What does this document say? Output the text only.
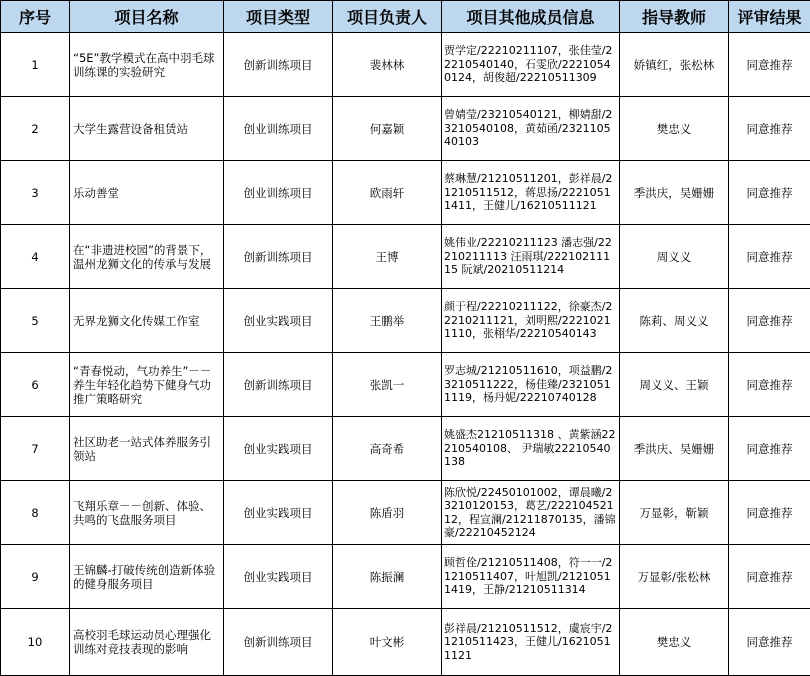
序号	项目名称	项目类型	项目负责人	项目其他成员信息	指导教师	评审结果
1	“5E”教学模式在高中羽毛球训练课的实验研究	创新训练项目	裴林林	贾学定/22210211107，张佳莹/22210540140，石雯欣/22210540124，胡俊超/22210511309	娇镇红，张松林	同意推荐
2	大学生露营设备租赁站	创业训练项目	何嘉颖	曾婧莹/23210540121，柳婧甜/23210540108，黄茹函/232110540103	樊忠义	同意推荐
3	乐动善堂	创业训练项目	欧雨轩	蔡琳慧/21210511201，彭祥晨/21210511512，蒋思扬/22210511411，王健儿/16210511121	季洪庆，吴姗姗	同意推荐
4	在“非遗进校园”的背景下，温州龙狮文化的传承与发展	创新训练项目	王博	姚伟业/22210211123 潘志强/22210211113 汪雨琪/22210211115 阮斌/20210511214	周义义	同意推荐
5	无界龙狮文化传媒工作室	创业实践项目	王鹏举	颜于程/22210211122，徐豪杰/22210211121，刘明熙/22210211110，张栩华/22210540143	陈莉、周义义	同意推荐
6	“青春悦动，气功养生”－－养生年轻化趋势下健身气功推广策略研究	创新训练项目	张凯一	罗志城/21210511610，项益鹏/23210511222，杨佳臻/23210511119，杨丹妮/22210740128	周义义、王颖	同意推荐
7	社区助老一站式体养服务引领站	创业实践项目	高奇希	姚盛杰21210511318 、黄紫涵22210540108、 尹瑞敏22210540138	季洪庆、吴姗姗	同意推荐
8	飞翔乐章－－创新、体验、共鸣的飞盘服务项目	创业实践项目	陈盾羽	陈欣悦/22450101002，谭晨曦/23210120153，葛艺/22210452112，程宣澜/21211870135，潘锦豪/22210452124	万显彰，靳颖	同意推荐
9	王锦麟-打破传统创造新体验的健身服务项目	创业实践项目	陈振澜	顾哲佺/21210511408，符一一/21210511407，叶旭凯/21210511419，王静/21210511314	万显彰/张松林	同意推荐
10	高校羽毛球运动员心理强化训练对竞技表现的影响	创新训练项目	叶文彬	彭祥晨/21210511512，虞宸宇/21210511423，王健儿/16210511121	樊忠义	同意推荐
